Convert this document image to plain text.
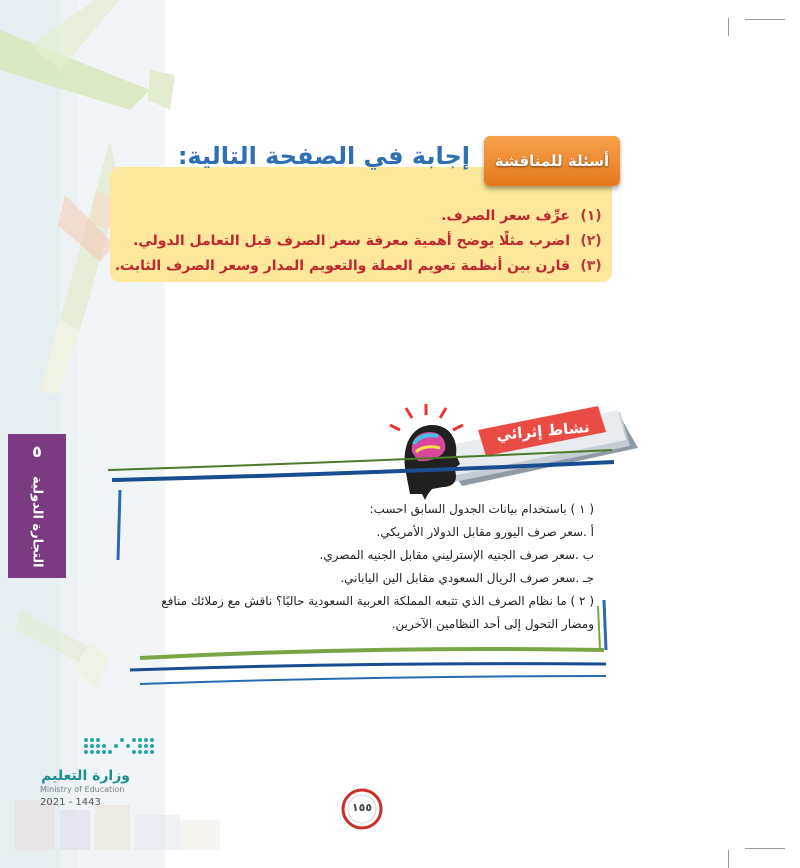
٥
التجارة الدولية
أسئلة للمناقشة
إجابة في الصفحة التالية:
(١)
عرِّف سعر الصرف.
(٢)
اضرب مثلًا يوضح أهمية معرفة سعر الصرف قبل التعامل الدولي.
(٣)
قارن بين أنظمة تعويم العملة والتعويم المدار وسعر الصرف الثابت.
نشاط إثرائي
( ١ ) باستخدام بيانات الجدول السابق احسب:
أ .سعر صرف اليورو مقابل الدولار الأمريكي.
ب .سعر صرف الجنيه الإسترليني مقابل الجنيه المصري.
جـ .سعر صرف الريال السعودي مقابل الين الياباني.
( ٢ ) ما نظام الصرف الذي تتبعه المملكة العربية السعودية حاليًا؟ ناقش مع زملائك منافع
ومضار التحول إلى أحد النظامين الآخرين.
وزارة التعليم
Ministry of Education
2021 - 1443	١٥٥
